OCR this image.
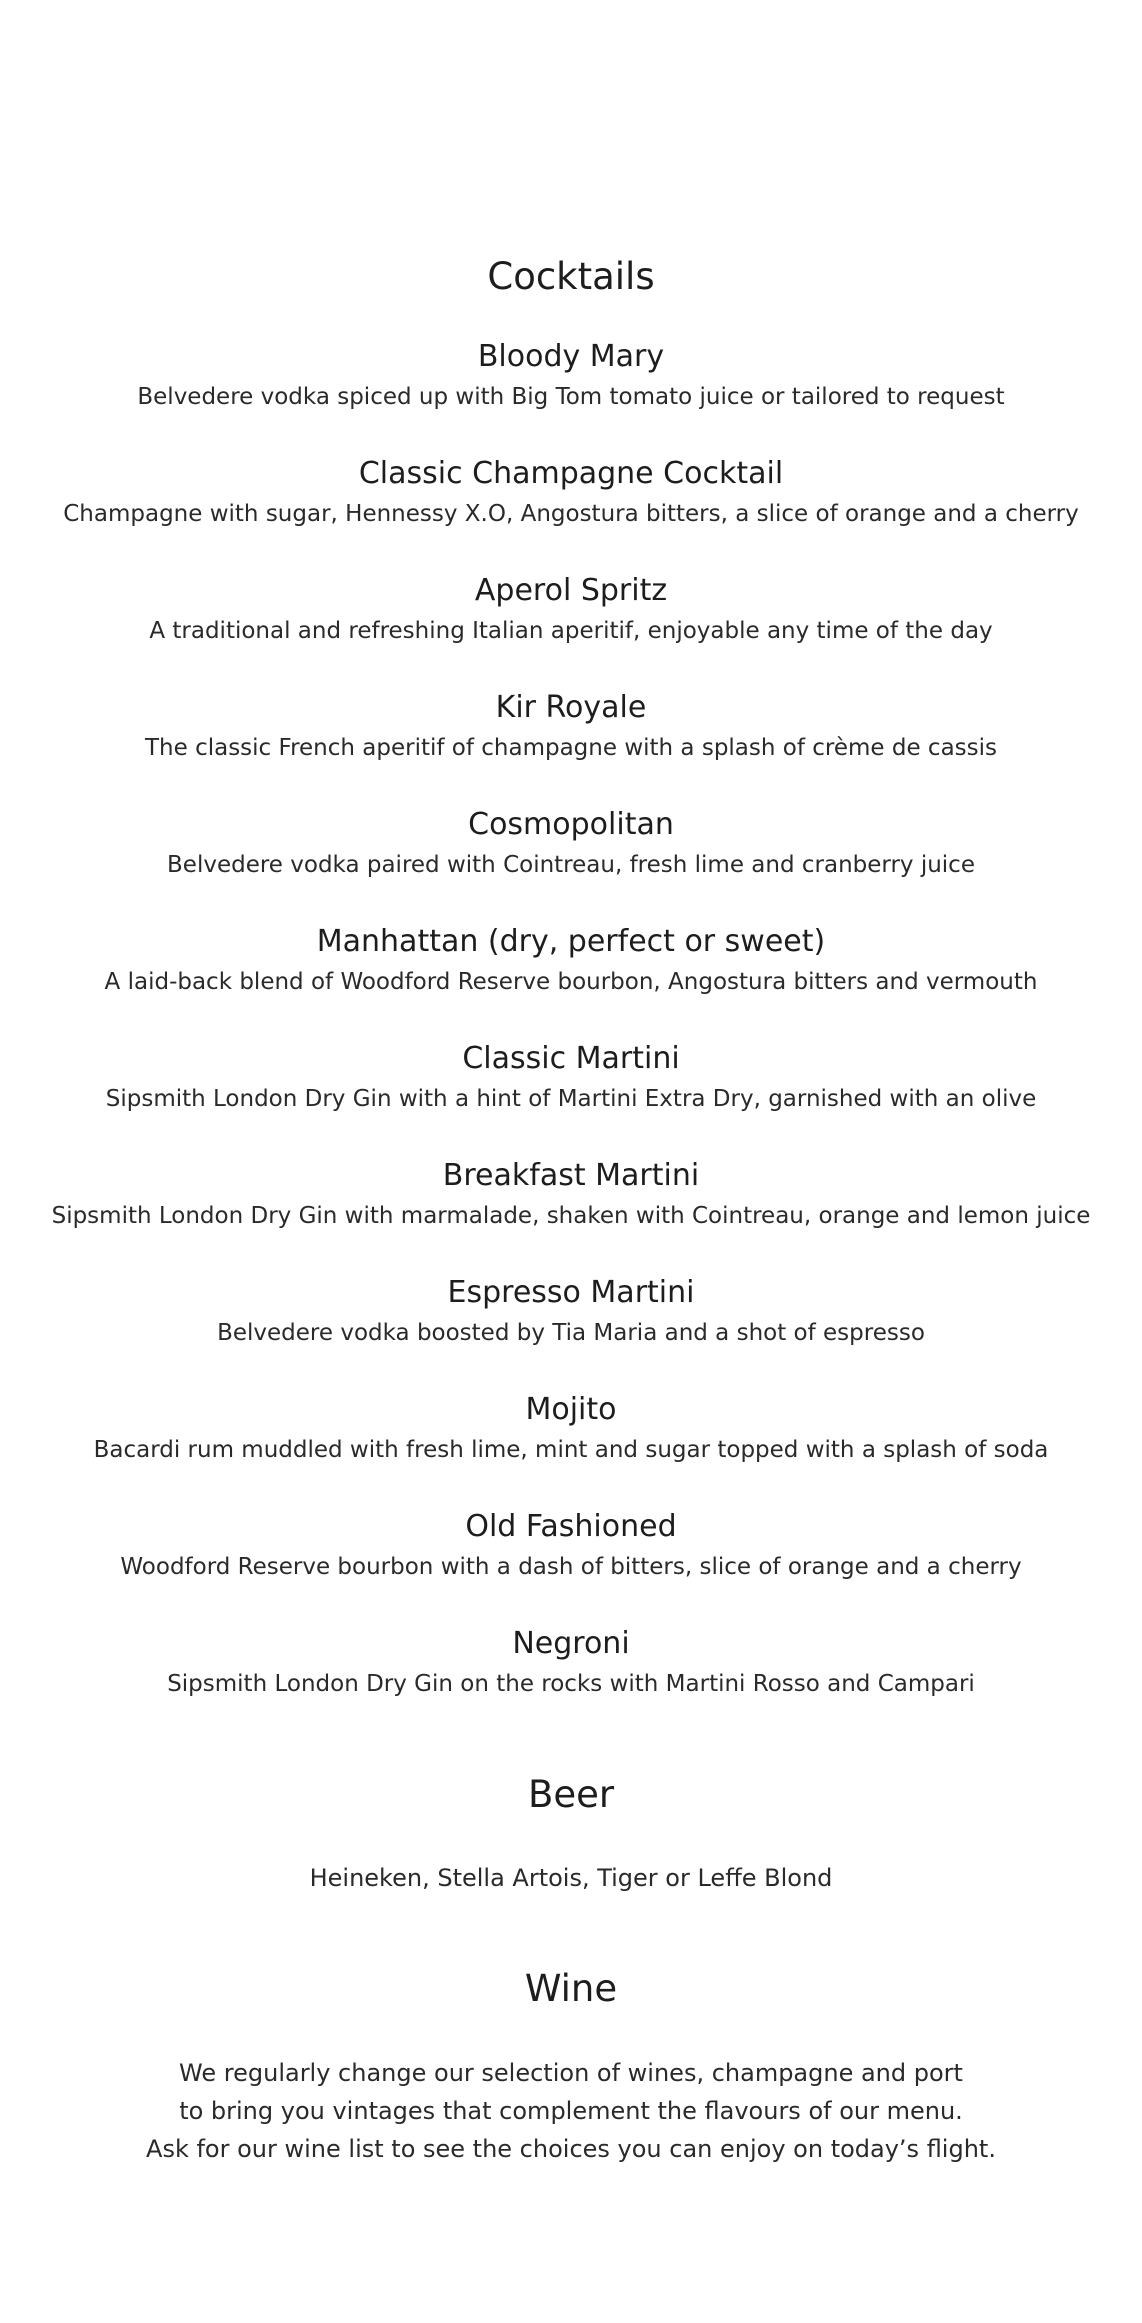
Cocktails

Bloody Mary

Belvedere vodka spiced up with Big Tom tomato juice or tailored to request

Classic Champagne Cocktail

Champagne with sugar, Hennessy X.O, Angostura bitters, a slice of orange and a cherry

Aperol Spritz

A traditional and refreshing Italian aperitif, enjoyable any time of the day

Kir Royale

The classic French aperitif of champagne with a splash of crème de cassis

Cosmopolitan

Belvedere vodka paired with Cointreau, fresh lime and cranberry juice

Manhattan (dry, perfect or sweet)

A laid-back blend of Woodford Reserve bourbon, Angostura bitters and vermouth

Classic Martini

Sipsmith London Dry Gin with a hint of Martini Extra Dry, garnished with an olive

Breakfast Martini

Sipsmith London Dry Gin with marmalade, shaken with Cointreau, orange and lemon juice

Espresso Martini

Belvedere vodka boosted by Tia Maria and a shot of espresso

Mojito

Bacardi rum muddled with fresh lime, mint and sugar topped with a splash of soda

Old Fashioned

Woodford Reserve bourbon with a dash of bitters, slice of orange and a cherry

Negroni

Sipsmith London Dry Gin on the rocks with Martini Rosso and Campari

Beer

Heineken, Stella Artois, Tiger or Leffe Blond

Wine

We regularly change our selection of wines, champagne and port

to bring you vintages that complement the flavours of our menu.

Ask for our wine list to see the choices you can enjoy on today’s flight.
